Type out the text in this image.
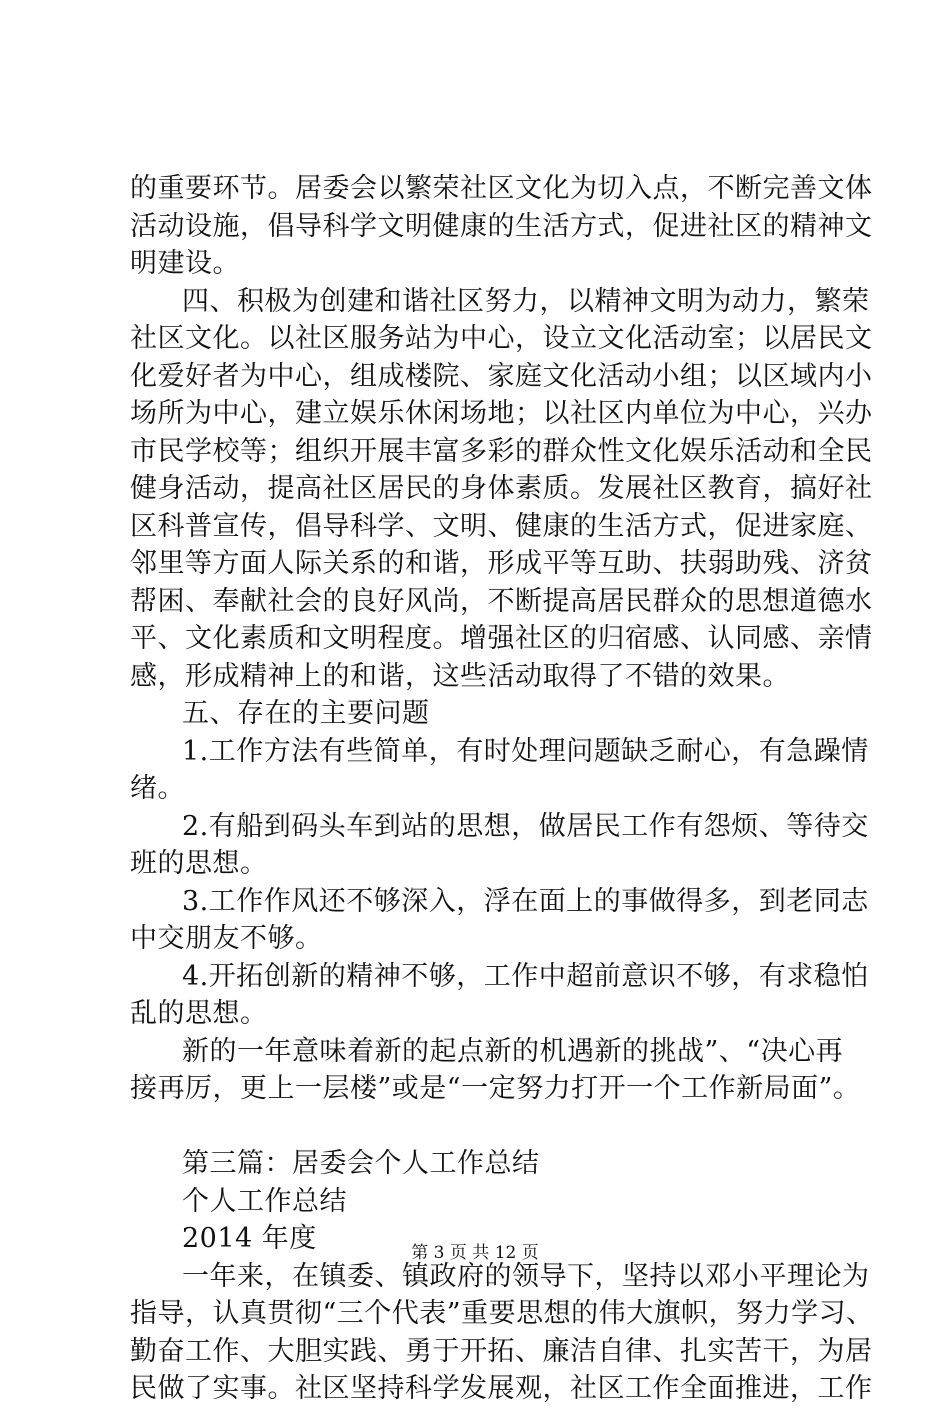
的重要环节。居委会以繁荣社区文化为切入点，不断完善文体
活动设施，倡导科学文明健康的生活方式，促进社区的精神文
明建设。
四、积极为创建和谐社区努力，以精神文明为动力，繁荣
社区文化。以社区服务站为中心，设立文化活动室；以居民文
化爱好者为中心，组成楼院、家庭文化活动小组；以区域内小
场所为中心，建立娱乐休闲场地；以社区内单位为中心，兴办
市民学校等；组织开展丰富多彩的群众性文化娱乐活动和全民
健身活动，提高社区居民的身体素质。发展社区教育，搞好社
区科普宣传，倡导科学、文明、健康的生活方式，促进家庭、
邻里等方面人际关系的和谐，形成平等互助、扶弱助残、济贫
帮困、奉献社会的良好风尚，不断提高居民群众的思想道德水
平、文化素质和文明程度。增强社区的归宿感、认同感、亲情
感，形成精神上的和谐，这些活动取得了不错的效果。
五、存在的主要问题
1.工作方法有些简单，有时处理问题缺乏耐心，有急躁情
绪。
2.有船到码头车到站的思想，做居民工作有怨烦、等待交
班的思想。
3.工作作风还不够深入，浮在面上的事做得多，到老同志
中交朋友不够。
4.开拓创新的精神不够，工作中超前意识不够，有求稳怕
乱的思想。
新的一年意味着新的起点新的机遇新的挑战”、“决心再
接再厉，更上一层楼”或是“一定努力打开一个工作新局面”。
第三篇：居委会个人工作总结
个人工作总结
2014 年度
一年来，在镇委、镇政府的领导下，坚持以邓小平理论为
指导，认真贯彻“三个代表”重要思想的伟大旗帜，努力学习、
勤奋工作、大胆实践、勇于开拓、廉洁自律、扎实苦干，为居
民做了实事。社区坚持科学发展观，社区工作全面推进，工作
第 3 页 共 12 页
